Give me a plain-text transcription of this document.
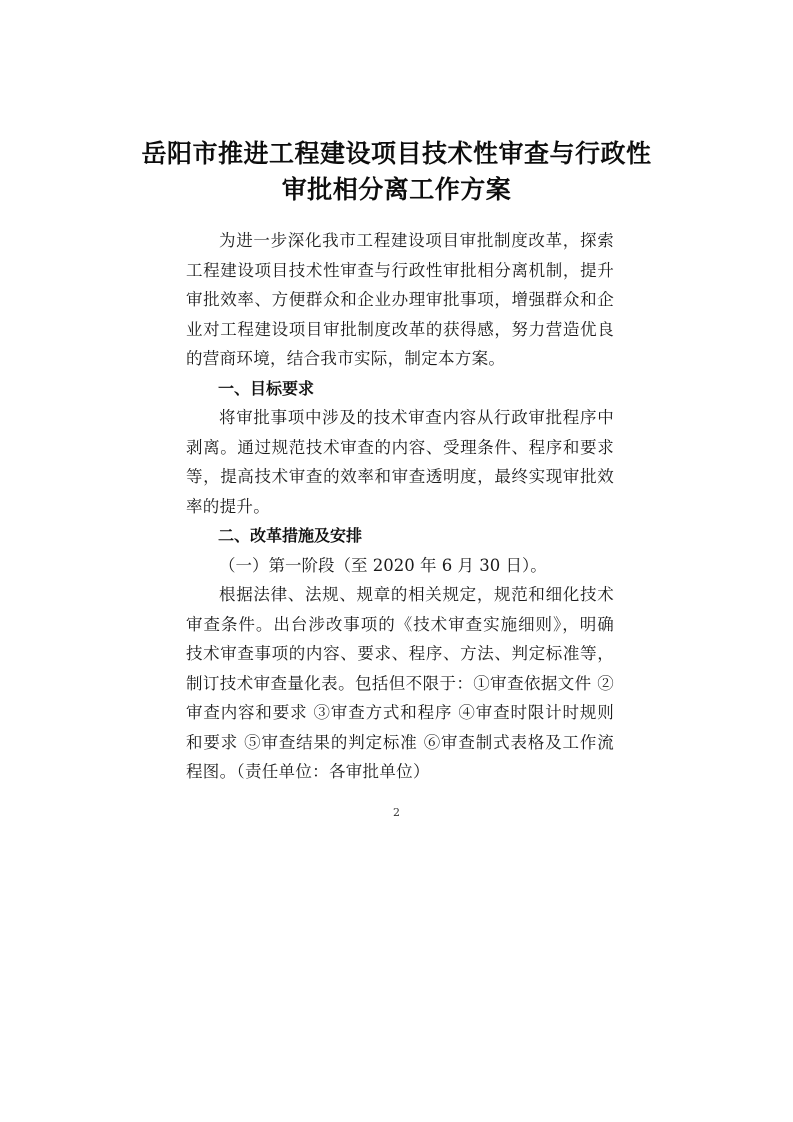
岳阳市推进工程建设项目技术性审查与行政性
审批相分离工作方案

为进一步深化我市工程建设项目审批制度改革，探索工程建设项目技术性审查与行政性审批相分离机制，提升审批效率、方便群众和企业办理审批事项，增强群众和企业对工程建设项目审批制度改革的获得感，努力营造优良的营商环境，结合我市实际，制定本方案。

一、目标要求

将审批事项中涉及的技术审查内容从行政审批程序中剥离。通过规范技术审查的内容、受理条件、程序和要求等，提高技术审查的效率和审查透明度，最终实现审批效率的提升。

二、改革措施及安排

（一）第一阶段（至 2020 年 6 月 30 日）。

根据法律、法规、规章的相关规定，规范和细化技术审查条件。出台涉改事项的《技术审查实施细则》，明确技术审查事项的内容、要求、程序、方法、判定标准等，制订技术审查量化表。包括但不限于：①审查依据文件 ②审查内容和要求 ③审查方式和程序 ④审查时限计时规则和要求 ⑤审查结果的判定标准 ⑥审查制式表格及工作流程图。（责任单位：各审批单位）

2
